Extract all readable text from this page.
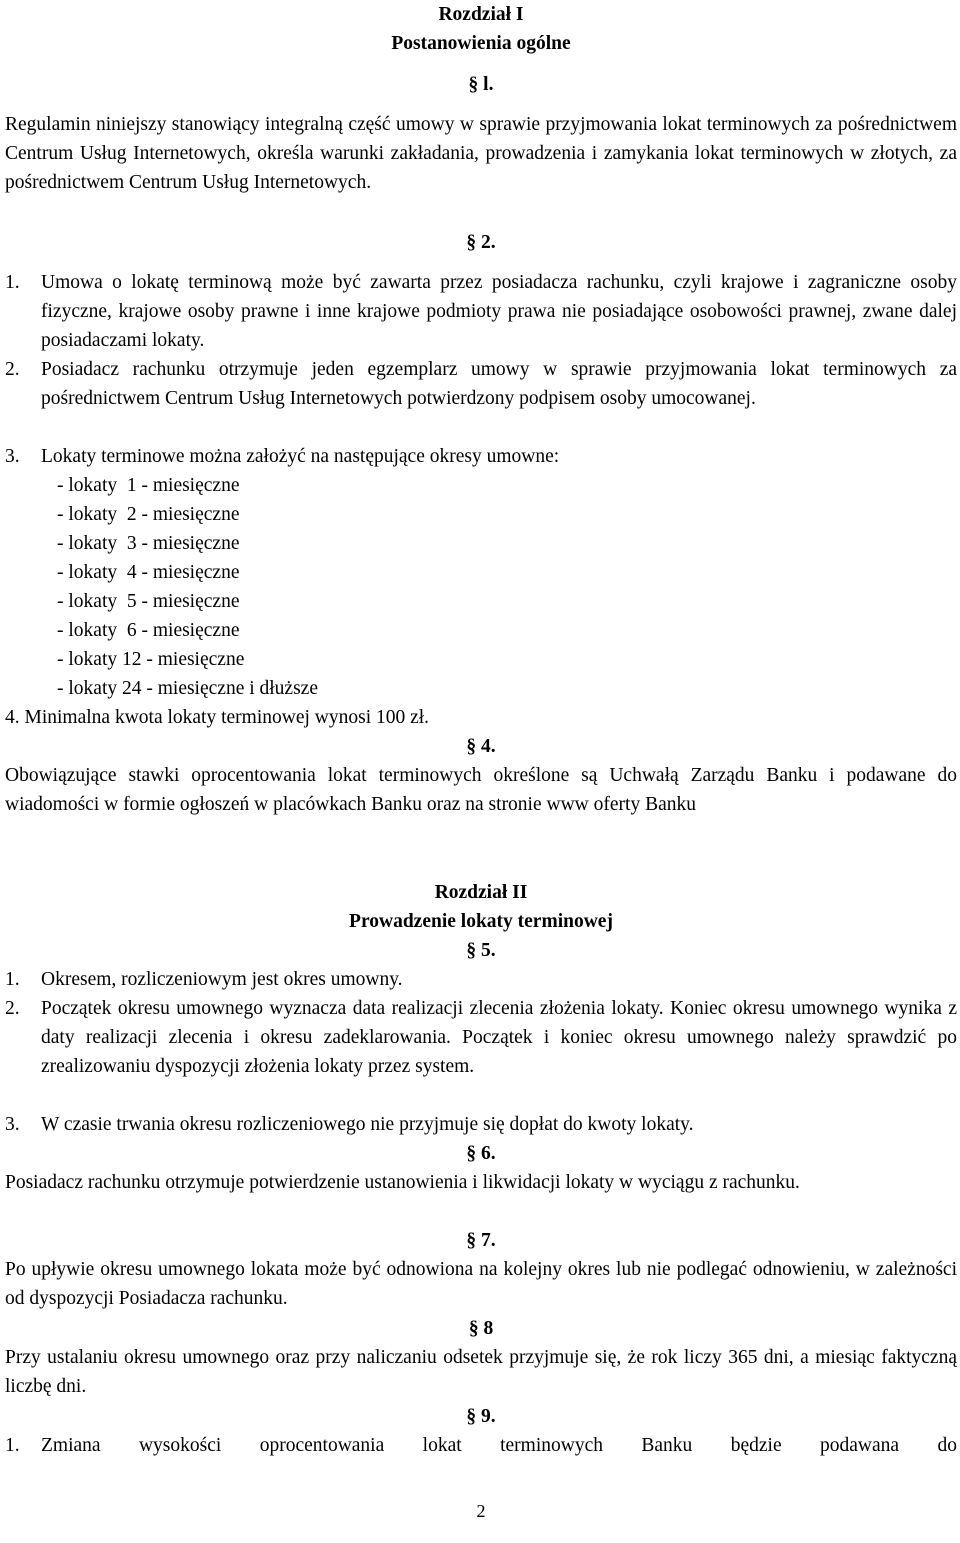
Rozdział I
Postanowienia ogólne
§ l.
Regulamin niniejszy stanowiący integralną część umowy w sprawie przyjmowania lokat terminowych za pośrednictwem Centrum Usług Internetowych, określa warunki zakładania, prowadzenia i zamykania lokat terminowych w złotych, za pośrednictwem Centrum Usług Internetowych.
§ 2.
1. Umowa o lokatę terminową może być zawarta przez posiadacza rachunku, czyli krajowe i zagraniczne osoby fizyczne, krajowe osoby prawne i inne krajowe podmioty prawa nie posiadające osobowości prawnej, zwane dalej posiadaczami lokaty.
2. Posiadacz rachunku otrzymuje jeden egzemplarz umowy w sprawie przyjmowania lokat terminowych za pośrednictwem Centrum Usług Internetowych potwierdzony podpisem osoby umocowanej.
3. Lokaty terminowe można założyć na następujące okresy umowne:
- lokaty  1 - miesięczne
- lokaty  2 - miesięczne
- lokaty  3 - miesięczne
- lokaty  4 - miesięczne
- lokaty  5 - miesięczne
- lokaty  6 - miesięczne
- lokaty 12 - miesięczne
- lokaty 24 - miesięczne i dłuższe
4. Minimalna kwota lokaty terminowej wynosi 100 zł.
§ 4.
Obowiązujące stawki oprocentowania lokat terminowych określone są Uchwałą Zarządu Banku i podawane do wiadomości w formie ogłoszeń w placówkach Banku oraz na stronie www oferty Banku
Rozdział II
Prowadzenie lokaty terminowej
§ 5.
1. Okresem, rozliczeniowym jest okres umowny.
2. Początek okresu umownego wyznacza data realizacji zlecenia złożenia lokaty. Koniec okresu umownego wynika z daty realizacji zlecenia i okresu zadeklarowania. Początek i koniec okresu umownego należy sprawdzić po zrealizowaniu dyspozycji złożenia lokaty przez system.
3. W czasie trwania okresu rozliczeniowego nie przyjmuje się dopłat do kwoty lokaty.
§ 6.
Posiadacz rachunku otrzymuje potwierdzenie ustanowienia i likwidacji lokaty w wyciągu z rachunku.
§ 7.
Po upływie okresu umownego lokata może być odnowiona na kolejny okres lub nie podlegać odnowieniu, w zależności od dyspozycji Posiadacza rachunku.
§ 8
Przy ustalaniu okresu umownego oraz przy naliczaniu odsetek przyjmuje się, że rok liczy 365 dni, a miesiąc faktyczną liczbę dni.
§ 9.
1. Zmiana wysokości oprocentowania lokat terminowych Banku będzie podawana do
2
